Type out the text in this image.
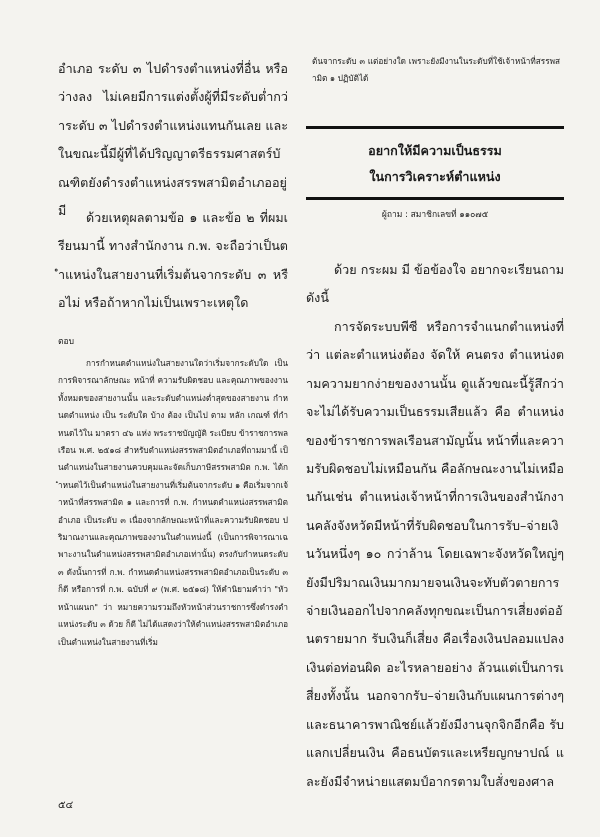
อำเภอ ระดับ ๓ ไปดำรงตำแหน่งที่อื่น หรือว่างลง ไม่เคยมีการแต่งตั้งผู้ที่มีระดับต่ำกว่าระดับ ๓ ไปดำรงตำแหน่งแทนกันเลย และในขณะนี้มีผู้ที่ได้ปริญญาตรีธรรมศาสตร์บัณฑิตยังดำรงตำแหน่งสรรพสามิตอำเภออยู่มี	ด้วยเหตุผลตามข้อ ๑ และข้อ ๒ ที่ผมเรียนมานี้ ทางสำนักงาน ก.พ. จะถือว่าเป็นตำแหน่งในสายงานที่เริ่มต้นจากระดับ ๓ หรือไม่ หรือถ้าหากไม่เป็นเพราะเหตุใด

ตอบ

การกำหนดตำแหน่งในสายงานใดว่าเริ่มจากระดับใด เป็นการพิจารณาลักษณะ หน้าที่ ความรับผิดชอบ และคุณภาพของงานทั้งหมดของสายงานนั้น และระดับตำแหน่งต่ำสุดของสายงาน กำหนดตำแหน่ง เป็น ระดับใด บ้าง ต้อง เป็นไป ตาม หลัก เกณฑ์ ที่กำหนดไว้ใน มาตรา ๔๖ แห่ง พระราชบัญญัติ ระเบียบ ข้าราชการพลเรือน พ.ศ. ๒๕๑๘ สำหรับตำแหน่งสรรพสามิตอำเภอที่ถามมานี้ เป็นตำแหน่งในสายงานควบคุมและจัดเก็บภาษีสรรพสามิต ก.พ. ได้กำหนดไว้เป็นตำแหน่งในสายงานที่เริ่มต้นจากระดับ ๑ คือเริ่มจากเจ้าหน้าที่สรรพสามิต ๑ และการที่ ก.พ. กำหนดตำแหน่งสรรพสามิตอำเภอ เป็นระดับ ๓ เนื่องจากลักษณะหน้าที่และความรับผิดชอบ ปริมาณงานและคุณภาพของงานในตำแหน่งนี้ (เป็นการพิจารณาเฉพาะงานในตำแหน่งสรรพสามิตอำเภอเท่านั้น) ตรงกับกำหนดระดับ ๓ ดังนั้นการที่ ก.พ. กำหนดตำแหน่งสรรพสามิตอำเภอเป็นระดับ ๓ ก็ดี หรือการที่ ก.พ. ฉบับที่ ๙ (พ.ศ. ๒๕๑๘) ให้คำนิยามคำว่า "หัวหน้าแผนก" ว่า หมายความรวมถึงหัวหน้าส่วนราชการซึ่งดำรงตำแหน่งระดับ ๓ ด้วย ก็ดี ไม่ได้แสดงว่าให้ตำแหน่งสรรพสามิตอำเภอ เป็นตำแหน่งในสายงานที่เริ่ม

๕๔

ต้นจากระดับ ๓ แต่อย่างใด เพราะยังมีงานในระดับที่ใช้เจ้าหน้าที่สรรพสามิต ๑ ปฏิบัติได้

อยากให้มีความเป็นธรรม
ในการวิเคราะห์ตำแหน่ง
ผู้ถาม : สมาชิกเลขที่ ๑๑๐๗๕

ด้วย กระผม มี ข้อข้องใจ อยากจะเรียนถามดังนี้

การจัดระบบพีซี หรือการจำแนกตำแหน่งที่ว่า แต่ละตำแหน่งต้อง จัดให้ คนตรง ตำแหน่งตามความยากง่ายของงานนั้น ดูแล้วขณะนี้รู้สึกว่าจะไม่ได้รับความเป็นธรรมเสียแล้ว คือ ตำแหน่งของข้าราชการพลเรือนสามัญนั้น หน้าที่และความรับผิดชอบไม่เหมือนกัน คือลักษณะงานไม่เหมือนกันเช่น ตำแหน่งเจ้าหน้าที่การเงินของสำนักงานคลังจังหวัดมีหน้าที่รับผิดชอบในการรับ–จ่ายเงินวันหนึ่งๆ ๑๐ กว่าล้าน โดยเฉพาะจังหวัดใหญ่ๆ ยังมีปริมาณเงินมากมายจนเงินจะทับตัวตายการจ่ายเงินออกไปจากคลังทุกขณะเป็นการเสี่ยงต่ออันตรายมาก รับเงินก็เสี่ยง คือเรื่องเงินปลอมแปลง เงินต่อท่อนผิด อะไรหลายอย่าง ล้วนแต่เป็นการเสี่ยงทั้งนั้น นอกจากรับ–จ่ายเงินกับแผนการต่างๆ และธนาคารพาณิชย์แล้วยังมีงานจุกจิกอีกคือ รับแลกเปลี่ยนเงิน คือธนบัตรและเหรียญกษาปณ์ และยังมีจำหน่ายแสตมป์อากรตามใบสั่งของศาล
